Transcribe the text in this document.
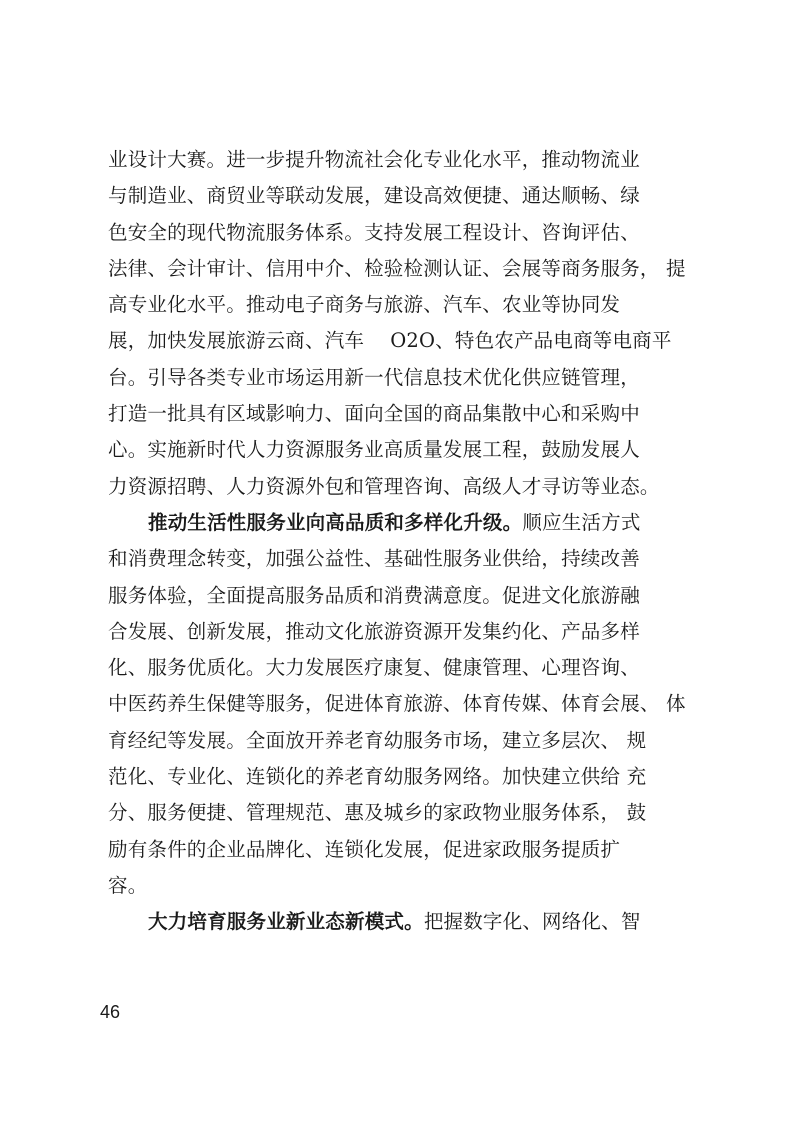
业设计大赛。进一步提升物流社会化专业化水平，推动物流业
与制造业、商贸业等联动发展，建设高效便捷、通达顺畅、绿
色安全的现代物流服务体系。支持发展工程设计、咨询评估、
法律、会计审计、信用中介、检验检测认证、会展等商务服务， 提
高专业化水平。推动电子商务与旅游、汽车、农业等协同发
展，加快发展旅游云商、汽车　 O2O、特色农产品电商等电商平
台。引导各类专业市场运用新一代信息技术优化供应链管理，
打造一批具有区域影响力、面向全国的商品集散中心和采购中
心。实施新时代人力资源服务业高质量发展工程，鼓励发展人
力资源招聘、人力资源外包和管理咨询、高级人才寻访等业态。
推动生活性服务业向高品质和多样化升级。顺应生活方式
和消费理念转变，加强公益性、基础性服务业供给，持续改善
服务体验，全面提高服务品质和消费满意度。促进文化旅游融
合发展、创新发展，推动文化旅游资源开发集约化、产品多样
化、服务优质化。大力发展医疗康复、健康管理、心理咨询、
中医药养生保健等服务，促进体育旅游、体育传媒、体育会展、 体
育经纪等发展。全面放开养老育幼服务市场，建立多层次、 规
范化、专业化、连锁化的养老育幼服务网络。加快建立供给 充
分、服务便捷、管理规范、惠及城乡的家政物业服务体系， 鼓
励有条件的企业品牌化、连锁化发展，促进家政服务提质扩
容。
大力培育服务业新业态新模式。把握数字化、网络化、智
46
